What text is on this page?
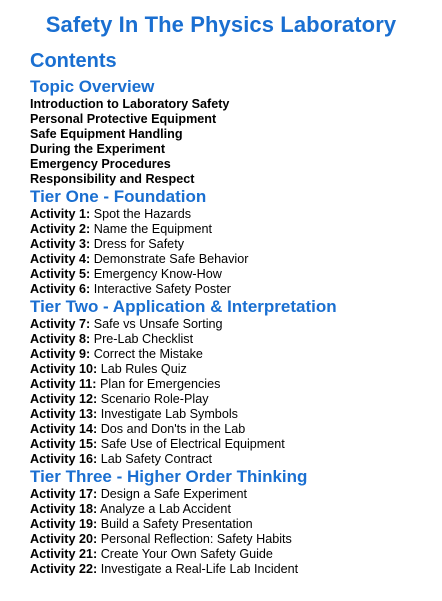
Safety In The Physics Laboratory
Contents
Topic Overview
Introduction to Laboratory Safety
Personal Protective Equipment
Safe Equipment Handling
During the Experiment
Emergency Procedures
Responsibility and Respect
Tier One - Foundation
Activity 1: Spot the Hazards
Activity 2: Name the Equipment
Activity 3: Dress for Safety
Activity 4: Demonstrate Safe Behavior
Activity 5: Emergency Know-How
Activity 6: Interactive Safety Poster
Tier Two - Application & Interpretation
Activity 7: Safe vs Unsafe Sorting
Activity 8: Pre-Lab Checklist
Activity 9: Correct the Mistake
Activity 10: Lab Rules Quiz
Activity 11: Plan for Emergencies
Activity 12: Scenario Role-Play
Activity 13: Investigate Lab Symbols
Activity 14: Dos and Don'ts in the Lab
Activity 15: Safe Use of Electrical Equipment
Activity 16: Lab Safety Contract
Tier Three - Higher Order Thinking
Activity 17: Design a Safe Experiment
Activity 18: Analyze a Lab Accident
Activity 19: Build a Safety Presentation
Activity 20: Personal Reflection: Safety Habits
Activity 21: Create Your Own Safety Guide
Activity 22: Investigate a Real-Life Lab Incident
